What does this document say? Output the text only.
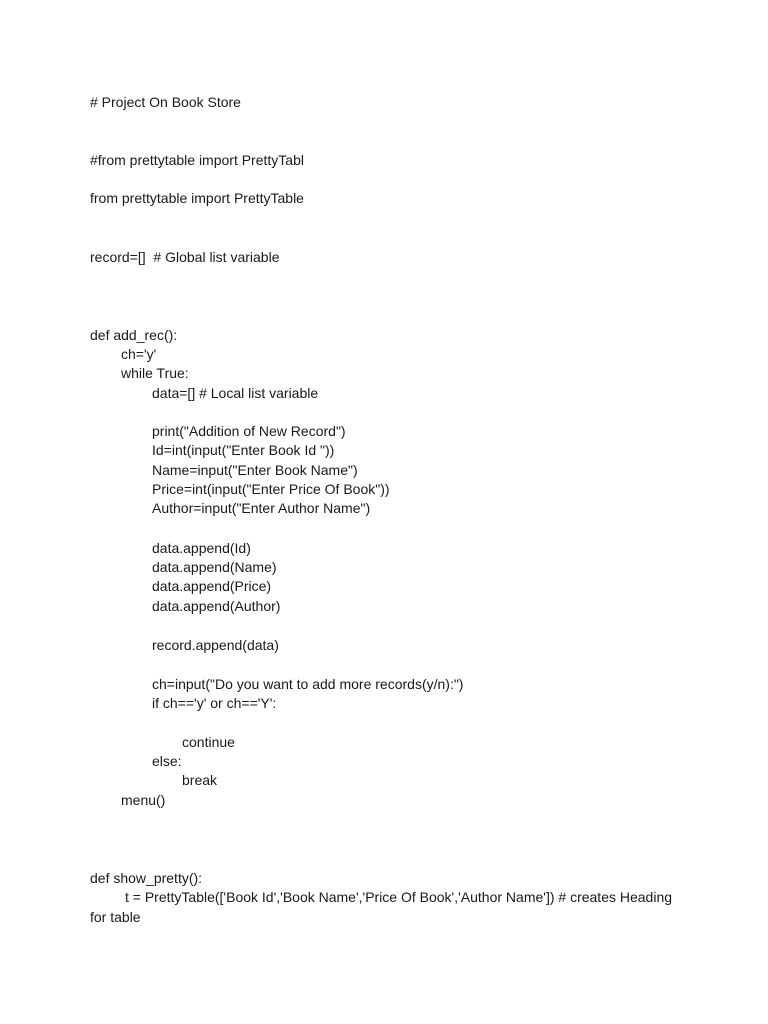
# Project On Book Store
#from prettytable import PrettyTabl
from prettytable import PrettyTable
record=[]  # Global list variable
def add_rec():
ch='y'
while True:
data=[] # Local list variable
print("Addition of New Record")
Id=int(input("Enter Book Id "))
Name=input("Enter Book Name")
Price=int(input("Enter Price Of Book"))
Author=input("Enter Author Name")
data.append(Id)
data.append(Name)
data.append(Price)
data.append(Author)
record.append(data)
ch=input("Do you want to add more records(y/n):")
if ch=='y' or ch=='Y':
continue
else:
break
menu()
def show_pretty():
t = PrettyTable(['Book Id','Book Name','Price Of Book','Author Name']) # creates Heading for table
